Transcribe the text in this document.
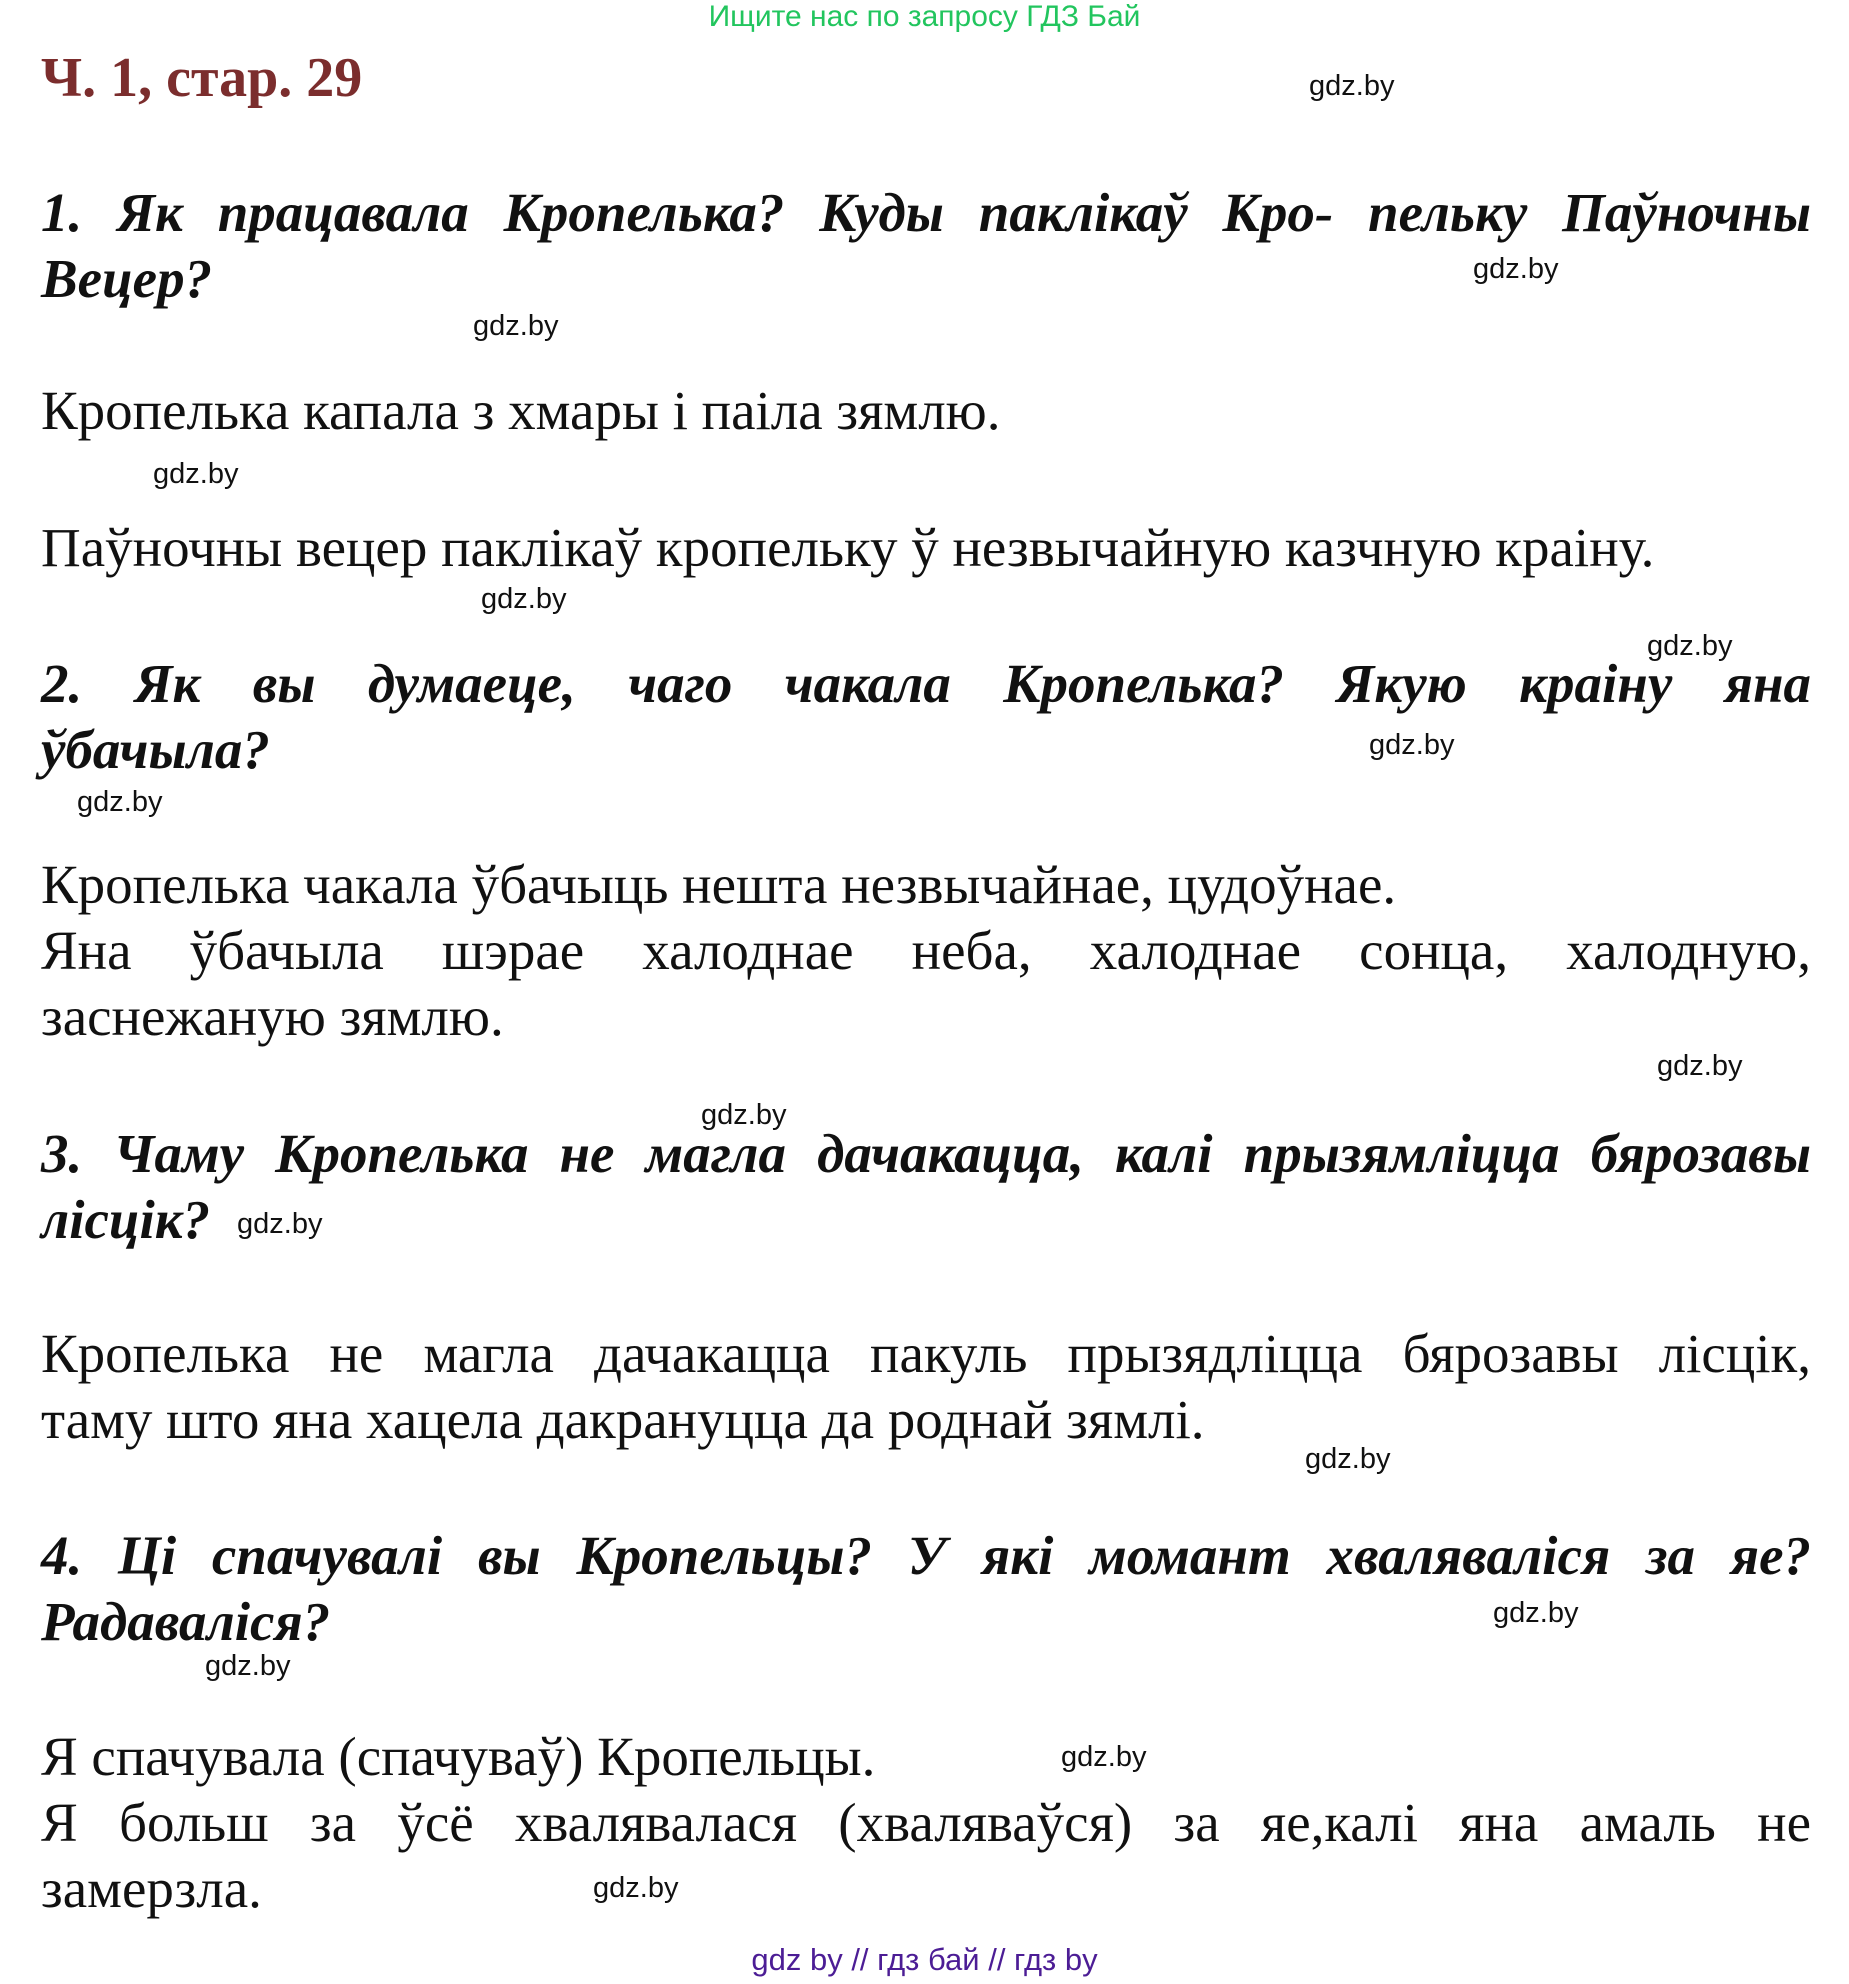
Ищите нас по запросу ГДЗ Бай
Ч. 1, стар. 29
1. Як працавала Кропелька? Куды паклікаў Кро- пельку Паўночны
Вецер?
Кропелька капала з хмары і паіла зямлю.
Паўночны вецер паклікаў кропельку ў незвычайную казчную краіну.
2. Як вы думаеце, чаго чакала Кропелька? Якую краіну яна
ўбачыла?
Кропелька чакала ўбачыць нешта незвычайнае, цудоўнае.
Яна ўбачыла шэрае халоднае неба, халоднае сонца, халодную,
заснежаную зямлю.
3. Чаму Кропелька не магла дачакацца, калі прызямліцца бярозавы
лісцік?
Кропелька не магла дачакацца пакуль прызядліцца бярозавы лісцік,
таму што яна хацела дакрануцца да роднай зямлі.
4. Ці спачувалі вы Кропельцы? У які момант хваляваліся за яе?
Радаваліся?
Я спачувала (спачуваў) Кропельцы.
Я больш за ўсё хвалявалася (хваляваўся) за яе,калі яна амаль не
замерзла.
gdz.by
gdz.by
gdz.by
gdz.by
gdz.by
gdz.by
gdz.by
gdz.by
gdz.by
gdz.by
gdz.by
gdz.by
gdz.by
gdz.by
gdz.by
gdz.by
gdz by // гдз бай // гдз by
